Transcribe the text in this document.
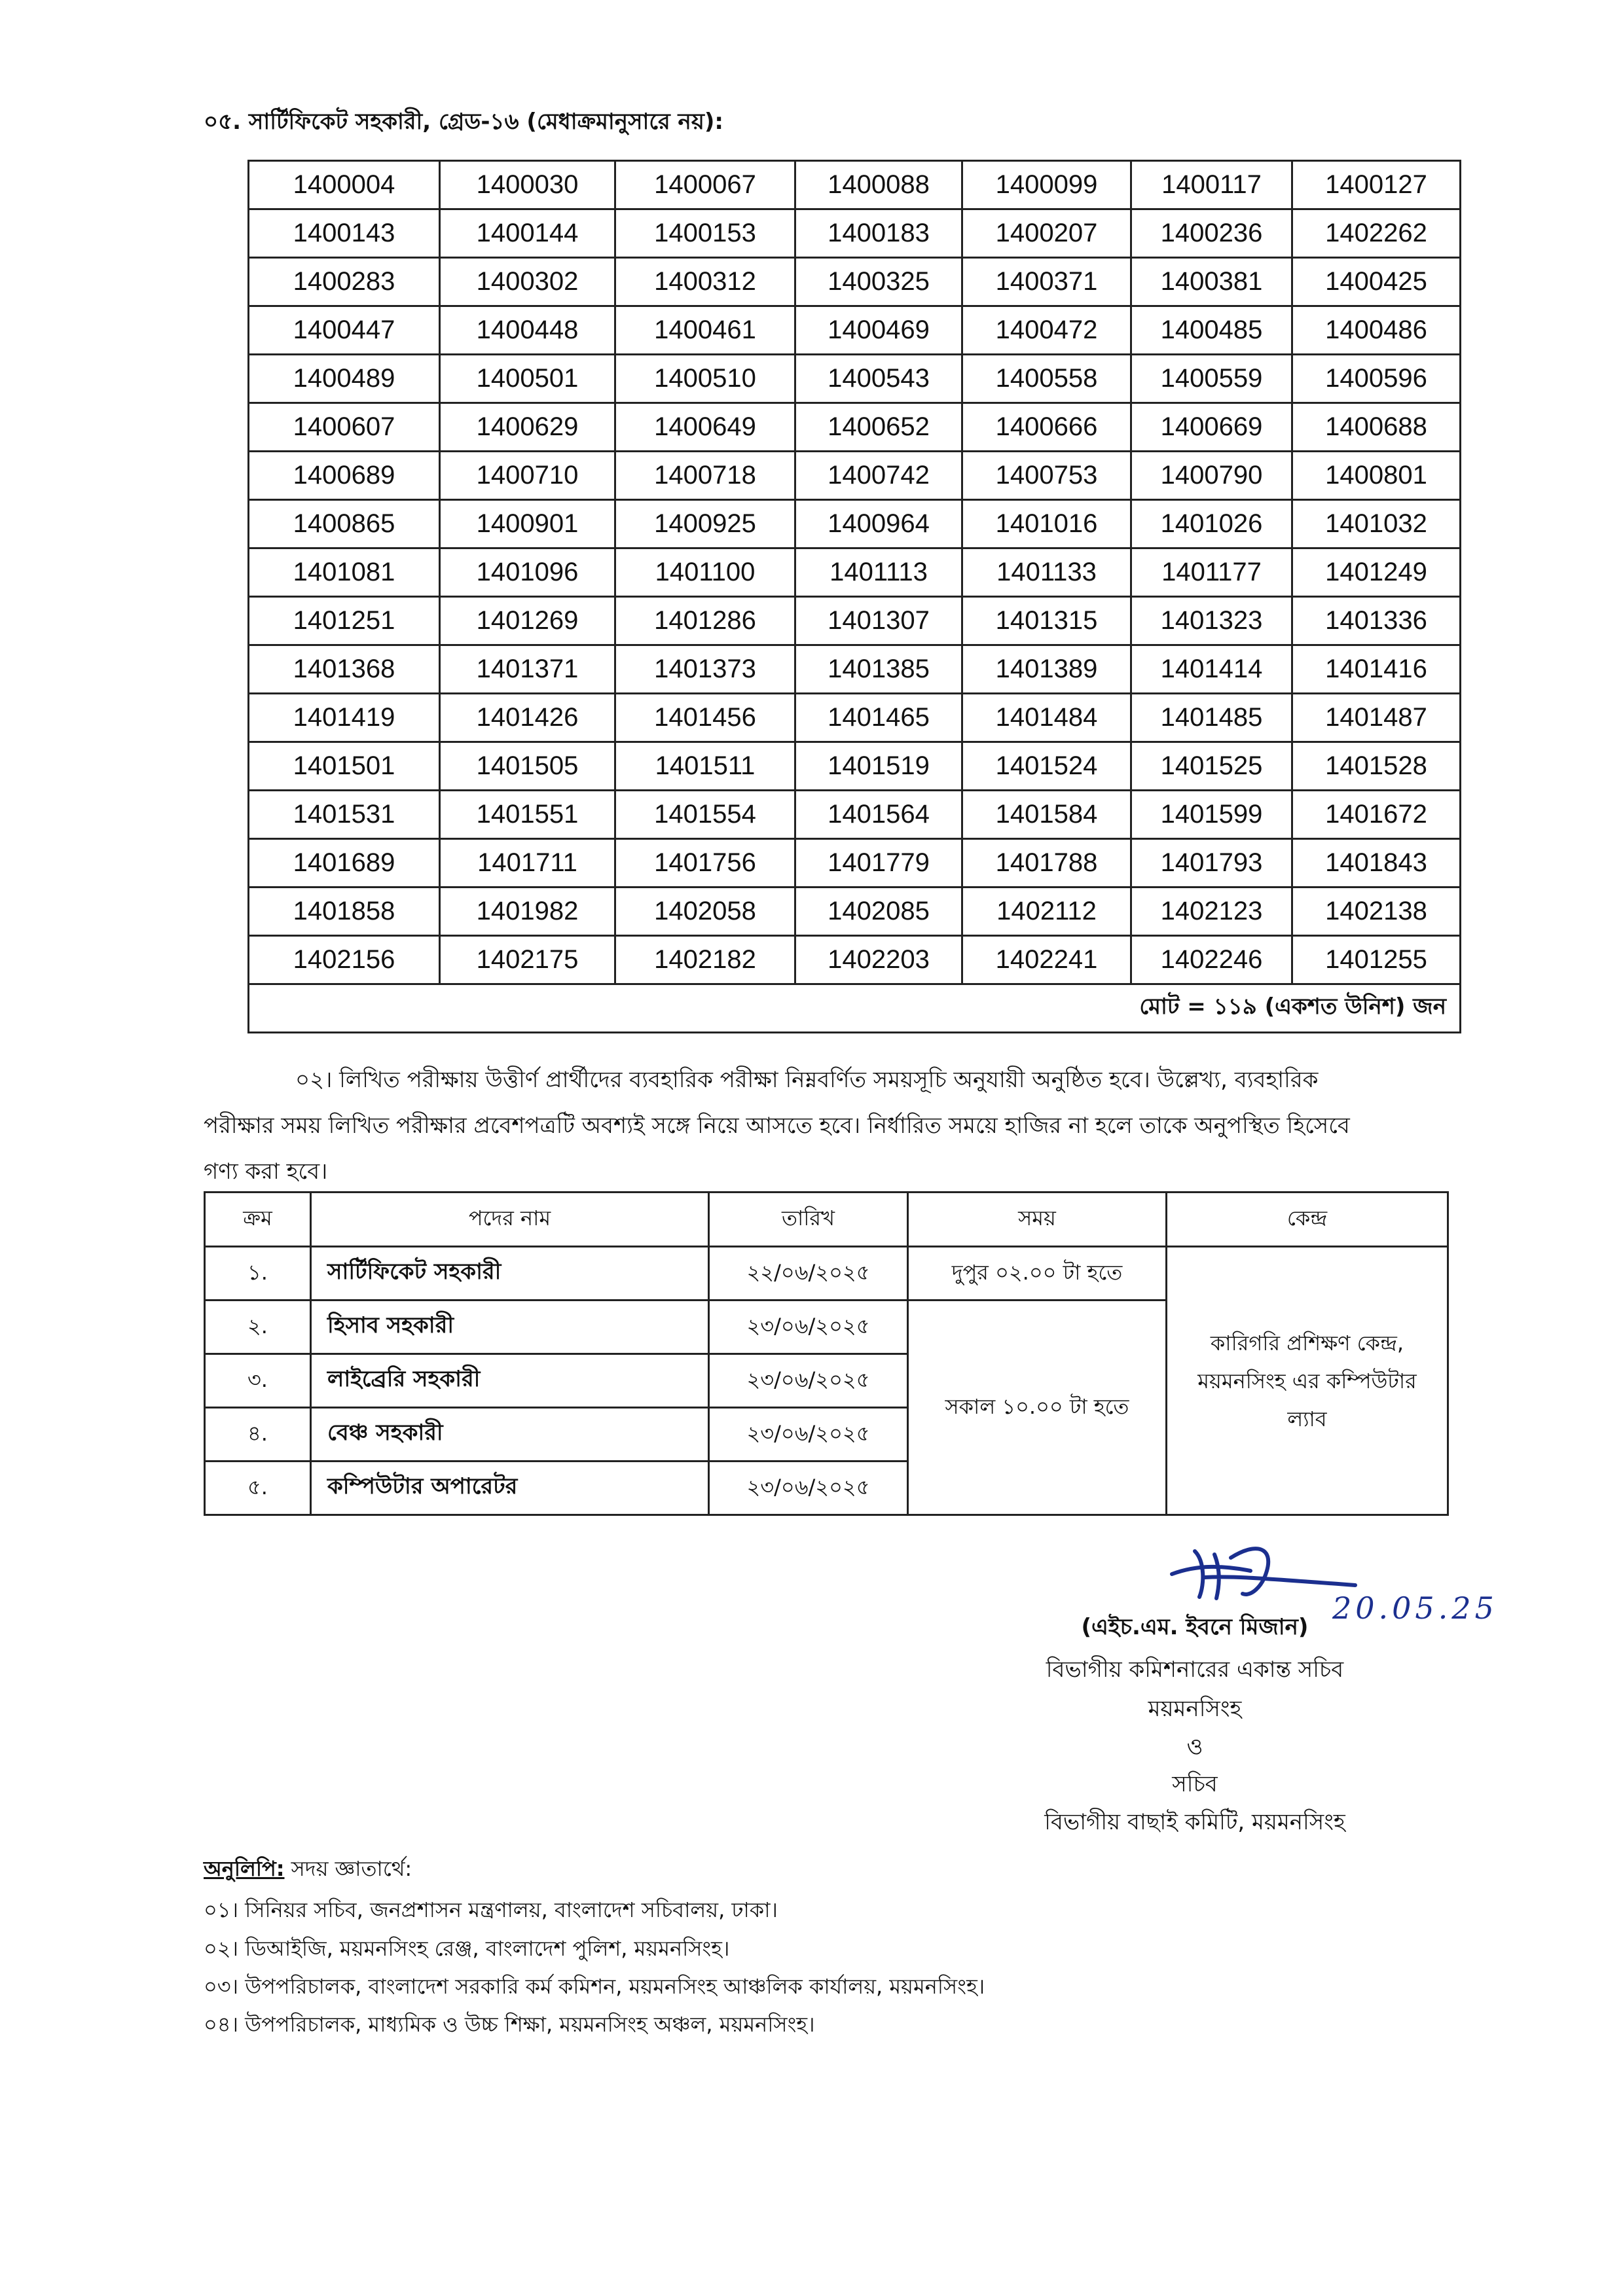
০৫. সার্টিফিকেট সহকারী, গ্রেড-১৬ (মেধাক্রমানুসারে নয়):
1400004	1400030	1400067	1400088	1400099	1400117	1400127
1400143	1400144	1400153	1400183	1400207	1400236	1402262
1400283	1400302	1400312	1400325	1400371	1400381	1400425
1400447	1400448	1400461	1400469	1400472	1400485	1400486
1400489	1400501	1400510	1400543	1400558	1400559	1400596
1400607	1400629	1400649	1400652	1400666	1400669	1400688
1400689	1400710	1400718	1400742	1400753	1400790	1400801
1400865	1400901	1400925	1400964	1401016	1401026	1401032
1401081	1401096	1401100	1401113	1401133	1401177	1401249
1401251	1401269	1401286	1401307	1401315	1401323	1401336
1401368	1401371	1401373	1401385	1401389	1401414	1401416
1401419	1401426	1401456	1401465	1401484	1401485	1401487
1401501	1401505	1401511	1401519	1401524	1401525	1401528
1401531	1401551	1401554	1401564	1401584	1401599	1401672
1401689	1401711	1401756	1401779	1401788	1401793	1401843
1401858	1401982	1402058	1402085	1402112	1402123	1402138
1402156	1402175	1402182	1402203	1402241	1402246	1401255
মোট = ১১৯ (একশত উনিশ) জন						
০২। লিখিত পরীক্ষায় উত্তীর্ণ প্রার্থীদের ব্যবহারিক পরীক্ষা নিম্নবর্ণিত সময়সূচি অনুযায়ী অনুষ্ঠিত হবে। উল্লেখ্য, ব্যবহারিক
পরীক্ষার সময় লিখিত পরীক্ষার প্রবেশপত্রটি অবশ্যই সঙ্গে নিয়ে আসতে হবে। নির্ধারিত সময়ে হাজির না হলে তাকে অনুপস্থিত হিসেবে
গণ্য করা হবে।
ক্রম	পদের নাম	তারিখ	সময়	কেন্দ্র
১.	সার্টিফিকেট সহকারী	২২/০৬/২০২৫	দুপুর ০২.০০ টা হতে	কারিগরি প্রশিক্ষণ কেন্দ্র,
ময়মনসিংহ এর কম্পিউটার
ল্যাব

২.	হিসাব সহকারী	২৩/০৬/২০২৫	সকাল ১০.০০ টা হতে	
৩.	লাইব্রেরি সহকারী	২৩/০৬/২০২৫		
৪.	বেঞ্চ সহকারী	২৩/০৬/২০২৫		
৫.	কম্পিউটার অপারেটর	২৩/০৬/২০২৫		
20.05.25
(এইচ.এম. ইবনে মিজান)
বিভাগীয় কমিশনারের একান্ত সচিব
ময়মনসিংহ
ও
সচিব
বিভাগীয় বাছাই কমিটি, ময়মনসিংহ
অনুলিপি: সদয় জ্ঞাতার্থে:
০১। সিনিয়র সচিব, জনপ্রশাসন মন্ত্রণালয়, বাংলাদেশ সচিবালয়, ঢাকা।
০২। ডিআইজি, ময়মনসিংহ রেঞ্জ, বাংলাদেশ পুলিশ, ময়মনসিংহ।
০৩। উপপরিচালক, বাংলাদেশ সরকারি কর্ম কমিশন, ময়মনসিংহ আঞ্চলিক কার্যালয়, ময়মনসিংহ।
০৪। উপপরিচালক, মাধ্যমিক ও উচ্চ শিক্ষা, ময়মনসিংহ অঞ্চল, ময়মনসিংহ।
